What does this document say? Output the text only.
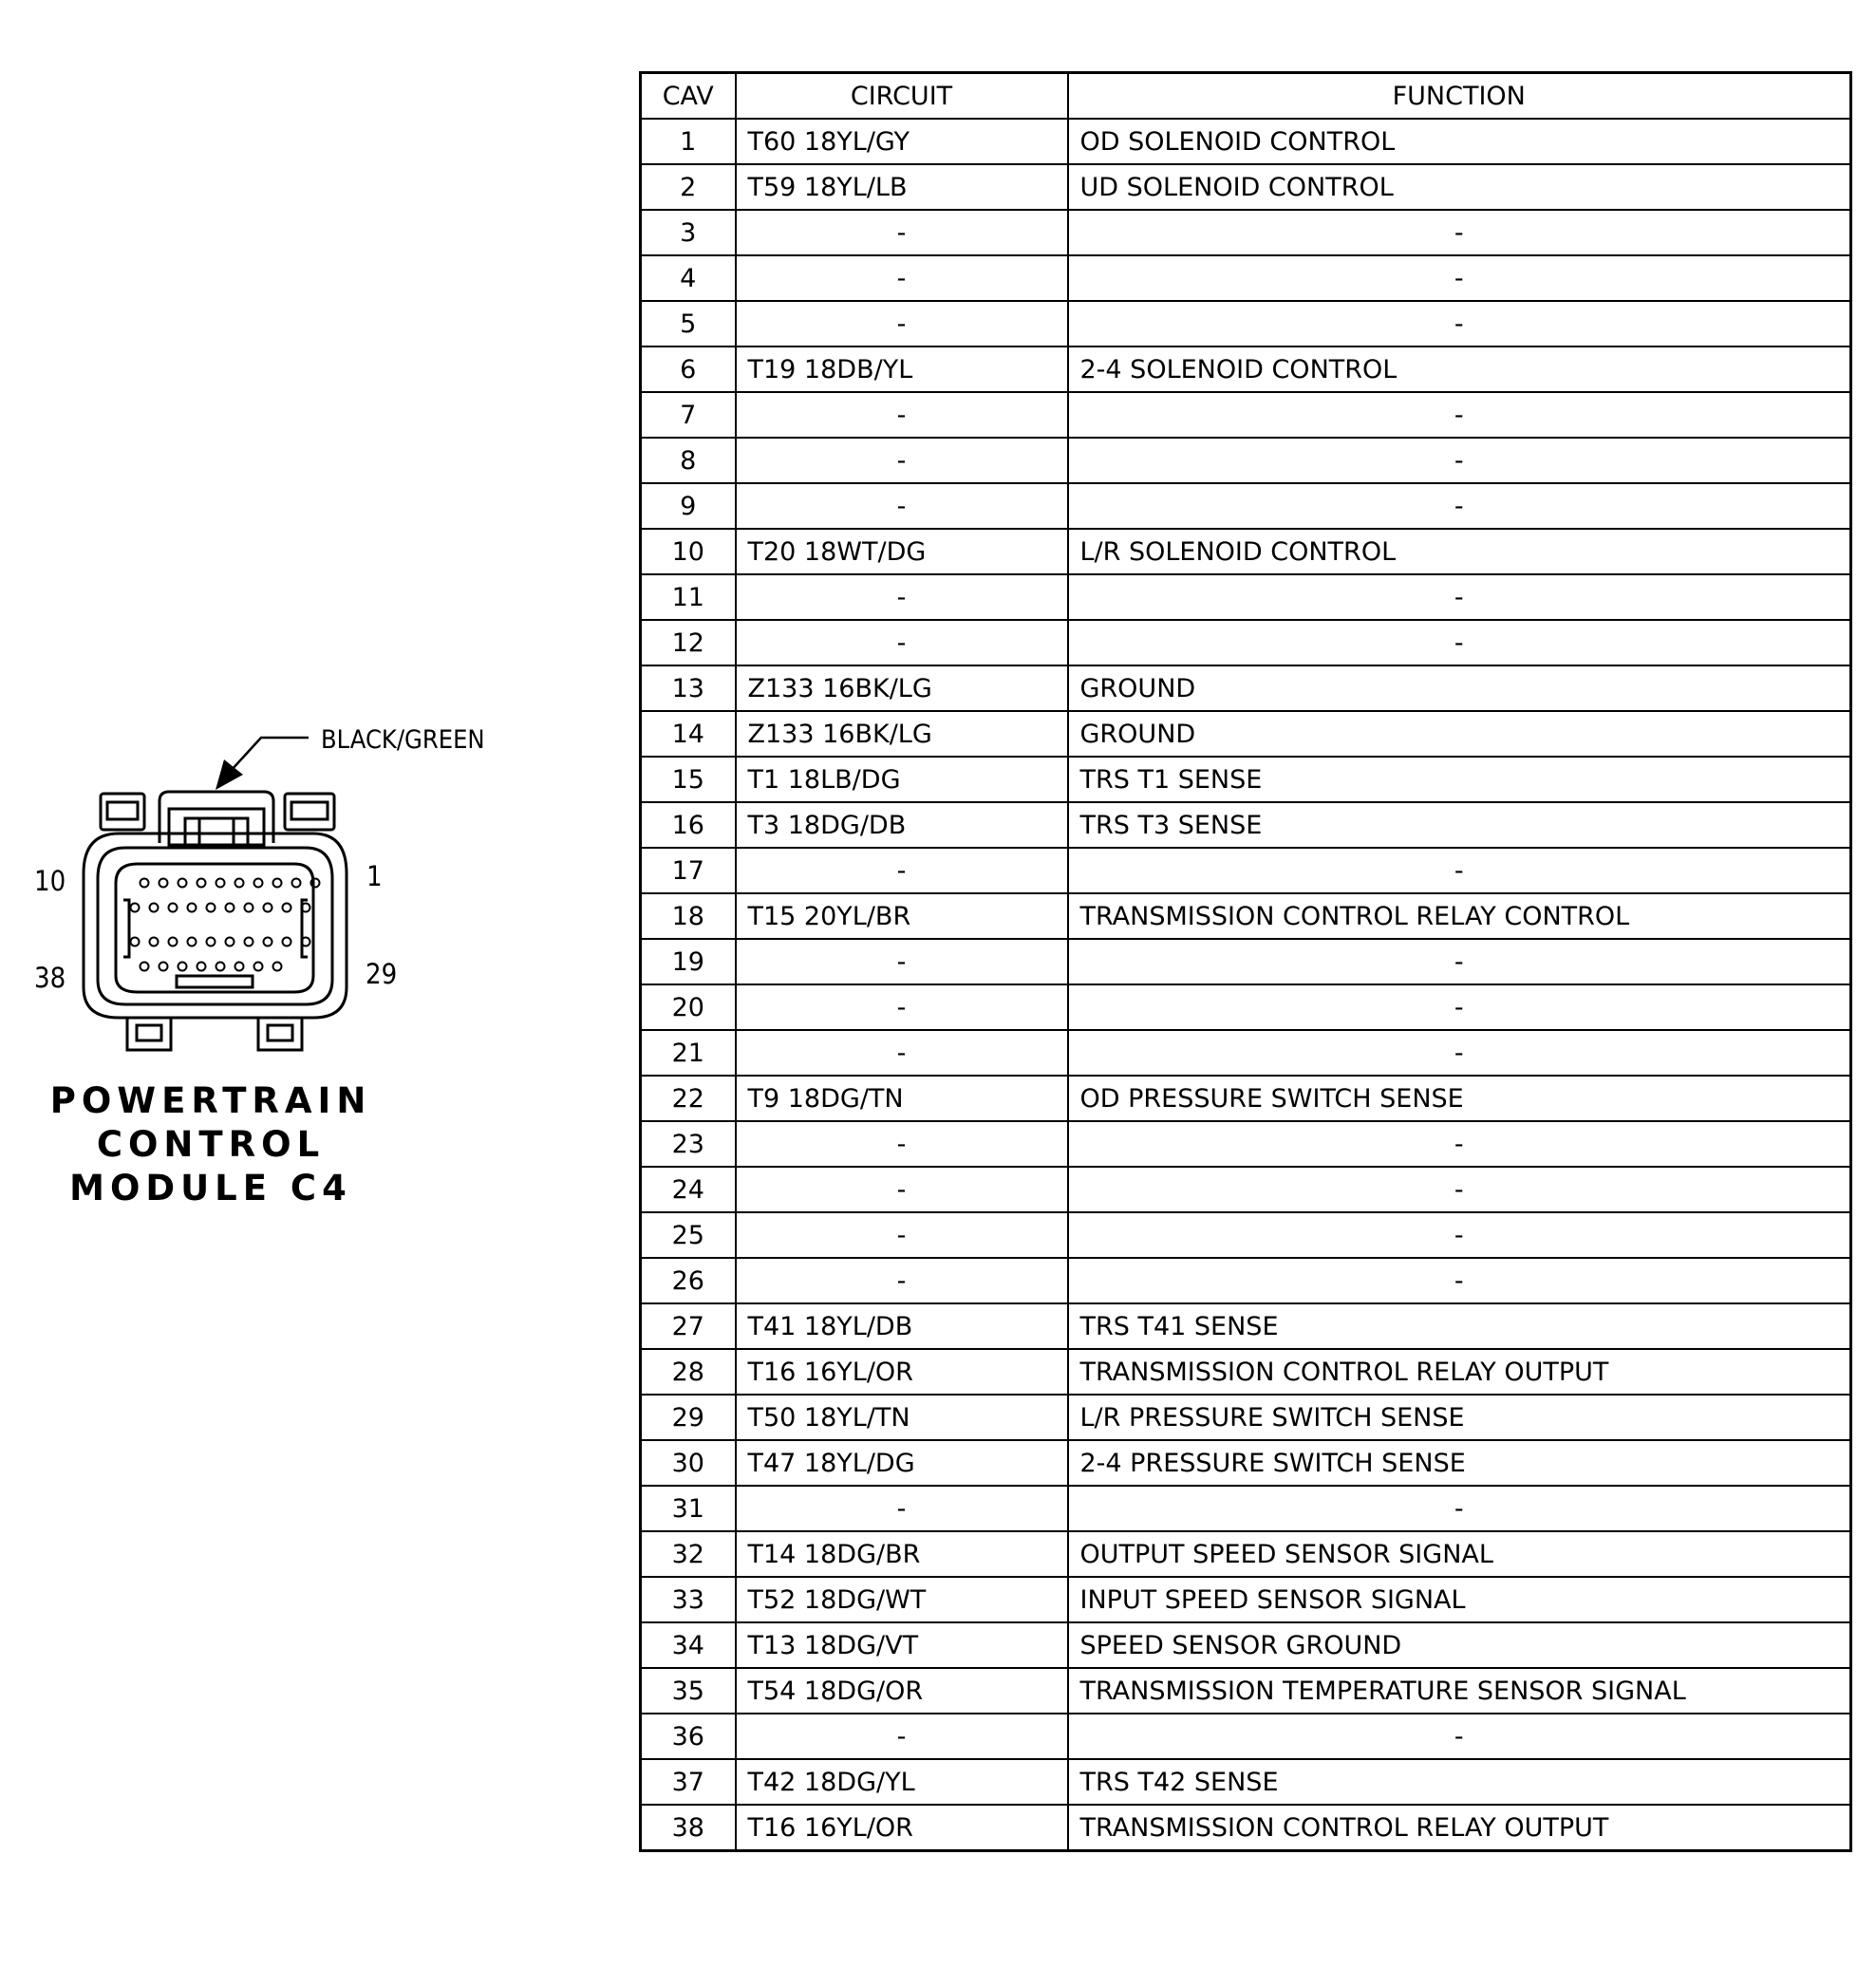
BLACK/GREEN
10	1
38	29
POWERTRAIN
CONTROL
MODULE C4
CAV	CIRCUIT	FUNCTION
1	T60 18YL/GY	OD SOLENOID CONTROL
2	T59 18YL/LB	UD SOLENOID CONTROL
3	-	-
4	-	-
5	-	-
6	T19 18DB/YL	2-4 SOLENOID CONTROL
7	-	-
8	-	-
9	-	-
10	T20 18WT/DG	L/R SOLENOID CONTROL
11	-	-
12	-	-
13	Z133 16BK/LG	GROUND
14	Z133 16BK/LG	GROUND
15	T1 18LB/DG	TRS T1 SENSE
16	T3 18DG/DB	TRS T3 SENSE
17	-	-
18	T15 20YL/BR	TRANSMISSION CONTROL RELAY CONTROL
19	-	-
20	-	-
21	-	-
22	T9 18DG/TN	OD PRESSURE SWITCH SENSE
23	-	-
24	-	-
25	-	-
26	-	-
27	T41 18YL/DB	TRS T41 SENSE
28	T16 16YL/OR	TRANSMISSION CONTROL RELAY OUTPUT
29	T50 18YL/TN	L/R PRESSURE SWITCH SENSE
30	T47 18YL/DG	2-4 PRESSURE SWITCH SENSE
31	-	-
32	T14 18DG/BR	OUTPUT SPEED SENSOR SIGNAL
33	T52 18DG/WT	INPUT SPEED SENSOR SIGNAL
34	T13 18DG/VT	SPEED SENSOR GROUND
35	T54 18DG/OR	TRANSMISSION TEMPERATURE SENSOR SIGNAL
36	-	-
37	T42 18DG/YL	TRS T42 SENSE
38	T16 16YL/OR	TRANSMISSION CONTROL RELAY OUTPUT
